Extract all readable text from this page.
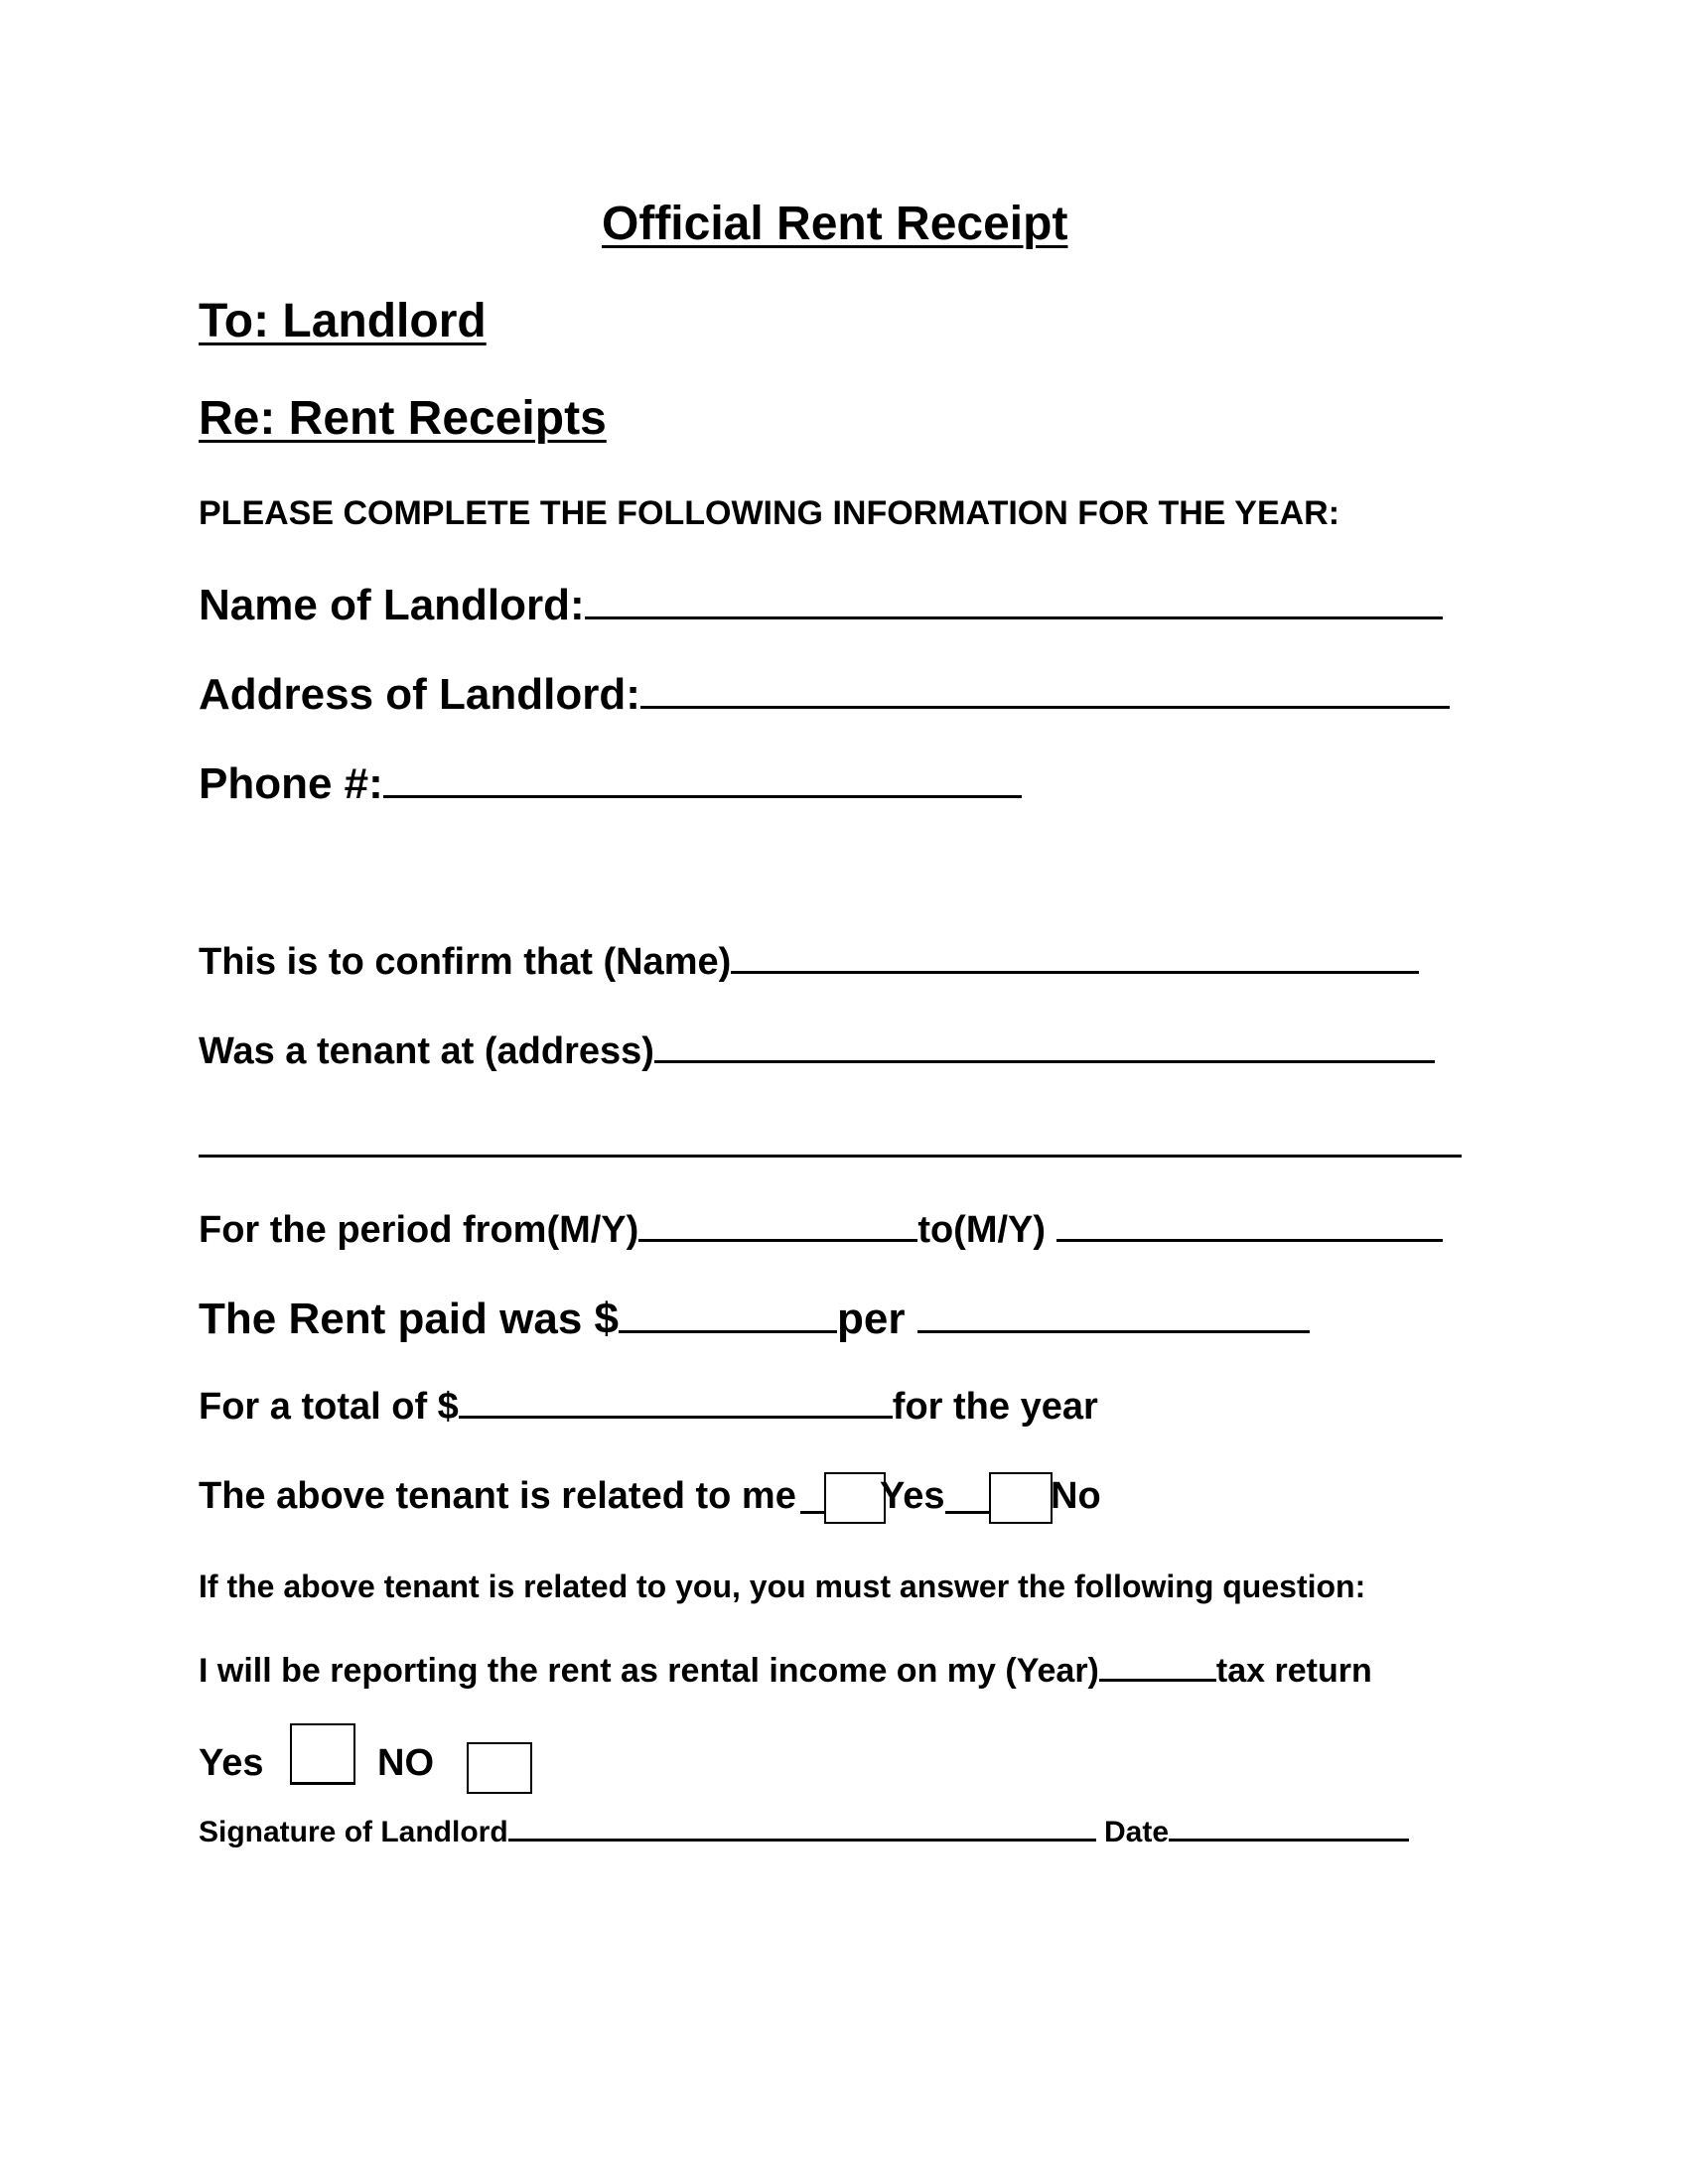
Official Rent Receipt
To: Landlord
Re: Rent Receipts
PLEASE COMPLETE THE FOLLOWING INFORMATION FOR THE YEAR:
Name of Landlord:
Address of Landlord:
Phone #:
This is to confirm that (Name)
Was a tenant at (address)
For the period from(M/Y)	to(M/Y)
The Rent paid was $	per
For a total of $	for the year
The above tenant is related to me Yes	No
If the above tenant is related to you, you must answer the following question:
I will be reporting the rent as rental income on my (Year)	tax return
Yes	NO
Signature of Landlord	Date
